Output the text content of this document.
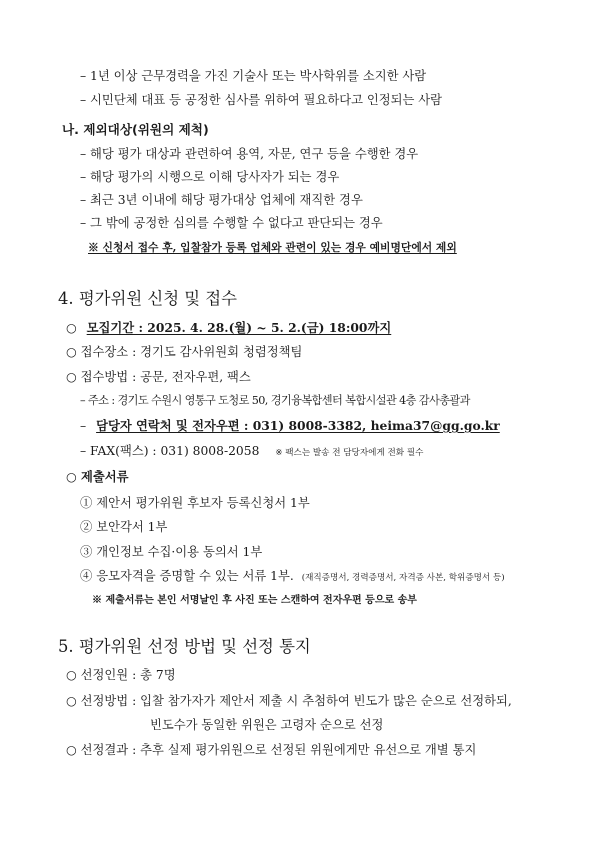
– 1년 이상 근무경력을 가진 기술사 또는 박사학위를 소지한 사람
– 시민단체 대표 등 공정한 심사를 위하여 필요하다고 인정되는 사람
나. 제외대상(위원의 제척)
– 해당 평가 대상과 관련하여 용역, 자문, 연구 등을 수행한 경우
– 해당 평가의 시행으로 이해 당사자가 되는 경우
– 최근 3년 이내에 해당 평가대상 업체에 재직한 경우
– 그 밖에 공정한 심의를 수행할 수 없다고 판단되는 경우
※ 신청서 접수 후, 입찰참가 등록 업체와 관련이 있는 경우 예비명단에서 제외
4. 평가위원 신청 및 접수
○ 모집기간 : 2025. 4. 28.(월) ~ 5. 2.(금) 18:00까지
○ 접수장소 : 경기도 감사위원회 청렴정책팀
○ 접수방법 : 공문, 전자우편, 팩스
– 주소 : 경기도 수원시 영통구 도청로 50, 경기융복합센터 복합시설관 4층 감사총괄과
– 담당자 연락처 및 전자우편 : 031) 8008-3382, heima37@gg.go.kr
– FAX(팩스) : 031) 8008-2058 ※ 팩스는 발송 전 담당자에게 전화 필수
○ 제출서류
① 제안서 평가위원 후보자 등록신청서 1부
② 보안각서 1부
③ 개인정보 수집·이용 동의서 1부
④ 응모자격을 증명할 수 있는 서류 1부. (재직증명서, 경력증명서, 자격증 사본, 학위증명서 등)
※ 제출서류는 본인 서명날인 후 사진 또는 스캔하여 전자우편 등으로 송부
5. 평가위원 선정 방법 및 선정 통지
○ 선정인원 : 총 7명
○ 선정방법 : 입찰 참가자가 제안서 제출 시 추첨하여 빈도가 많은 순으로 선정하되,
빈도수가 동일한 위원은 고령자 순으로 선정
○ 선정결과 : 추후 실제 평가위원으로 선정된 위원에게만 유선으로 개별 통지
